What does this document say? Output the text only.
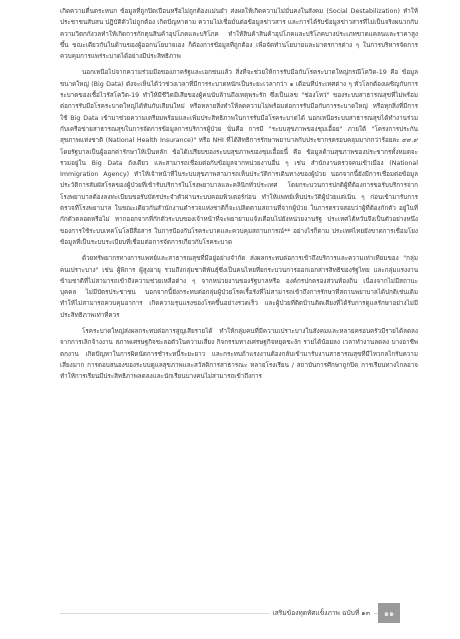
เกิดความตื่นตระหนก ข้อมูลที่ถูกปิดเปือนหรือไม่ถูกต้องแม่นยำ ส่งผลให้เกิดความไม่มั่นคงในสังคม (Social Destabilization) ทำให้ประชาชนสับสน ปฏิบัติตัวไม่ถูกต้อง เกิดปัญหาตาม ความไม่เชื่อมั่นต่อข้อมูลข่าวสาร และการได้รับข้อมูลข่าวสารที่ไม่เป็นจริงผนวกกับความวิตกกังวลทำให้เกิดการกักตุนสินค้าอุปโภคและบริโภค ทำให้สินค้าสินค้าอุปโภคและบริโภคบางประเภทขาดแคลนและราคาสูงขึ้น ขณะเดียวกันในด้านของผู้ออกนโยบายเอง ก็ต้องการข้อมูลที่ถูกต้อง เพื่อจัดทำนโยบายและมาตรการต่าง ๆ ในการบริหารจัดการควบคุมการแพร่ระบาดได้อย่างมีประสิทธิภาพ

นอกเหนือไปจากความร่วมมือของภาครัฐและเอกชนแล้ว สิ่งที่จะช่วยให้การรับมือกับโรคระบาดใหญ่กรณีโควิด-19 คือ ข้อมูลขนาดใหญ่ (Big Data) ดังจะเห็นได้ว่าช่วงเวลาที่มีการระบาดหนักเป็นระยะเวลากว่า ๑ เดือนที่ประเทศต่าง ๆ ทั่วโลกต้องเผชิญกับการระบาดของเชื้อไวรัสโควิด-19 ทำให้มีชีวิตมีเสียของผู้คนนับล้านถึงเหตุพระรัก ซึ่งเป็นเลข "ช่องโหว่" ของระบบสาธารณสุขที่ไม่พร้อมต่อการรับมือโรคระบาดใหญ่ได้ทันกับเสียนใหม่ หรือหลายสิ่งทำให้ลดความไม่พร้อมต่อการรับมือกับการระบาดใหญ่ หรือทุกสิ่งที่มีการใช้ Big Data เข้ามาช่วยความเตรียมพร้อมและเพิ่มประสิทธิภาพในการรับมือโรคระบาดได้ นอกเหนือระบบสาธารณสุขได้ทำงานร่วมกับเครือข่ายสาธารณสุขในการจัดการข้อมูลการบริการผู้ป่วย นั่นคือ การมี "ระบบสุขภาพของชุมเอื้อย" ภายใต้ "โครงการประกันสุขภาพแห่งชาติ (National Health Insurance)" หรือ NHI ที่ได้สิทธิการรักษาพยาบาลกับประชากรครอบคลุมมากกว่าร้อยละ ๙๙.๙ โดยรัฐบาลเป็นผู้ออกค่ารักษาให้เป็นหลัก ข้อได้เปรียบของระบบสุขภาพของชุมเอื้อยนี้ คือ ข้อมูลด้านสุขภาพของประชากรทั้งหมดจะรวมอยู่ใน Big Data ถังเดียว และสามารถเชื่อมต่อกับข้อมูลจากหน่วยงานอื่น ๆ เช่น สำนักงานตรวจคนเข้าเมือง (National Immigration Agency) ทำให้เจ้าหน้าที่ในระบบสุขภาพสามารถเห็นประวัติการเดินทางของผู้ป่วย นอกจากนี้ยังมีการเชื่อมต่อข้อมูลประวัติการสัมผัสโรคของผู้ป่วยที่เข้ารับบริการในโรงพยาบาลและคลินิกทั่วประเทศ โดยกระบวนการปกติผู้ที่ต้องการขอรับบริการจากโรงพยาบาลต้องลงทะเบียนขอรับบัตรประจำตัวผ่านระบบคอมพิวเตอร์ก่อน ทำให้แพทย์เห็นประวัติผู้ป่วยแต่เนิ่น ๆ ก่อนเข้ามารับการตรวจที่โรงพยาบาล ในขณะเดียวกันสำนักงานตำรวจแห่งชาติก็จะเปลิดตามสถานที่จากผู้ป่วย ในการตรวจสอบว่าผู้ที่ต้องกักตัว อยู่ในที่กักตัวตลอดหรือไม่ หากออกจากที่กักตัวระบบของเจ้าหน้าที่จะพยายามแจ้งเตือนไปยังหน่วยงานรัฐ ประเทศไต้หวันจึงเป็นตัวอย่างหนึ่งของการใช้ระบบเทคโนโลยีสื่อสาร ในการป้องกันโรคระบาดและควบคุมสถานการณ์** อย่างไรก็ตาม ประเทศไทยยังขาดการเชื่อมโยงข้อมูลที่เป็นระบบระเบียบที่เชื่อมต่อการจัดการเกี่ยวกับโรคระบาด

ด้วยทรัพยากรทางการแพทย์และสาธารณสุขที่มีอยู่อย่างจำกัด ส่งผลกระทบต่อการเข้าถึงบริการและความเท่าเทียมของ "กลุ่มคนเปราะบาง" เช่น ผู้พิการ ผู้สูงอายุ รวมถึงกลุ่มชาติพันธุ์ซึ่งเป็นคนไทยที่ยกระบวนการออกเอกสารสิทธิของรัฐไทย และกลุ่มแรงงานข้ามชาติที่ไม่สามารถเข้าถึงความช่วยเหลือต่าง ๆ จากหน่วยงานของรัฐบาลหรือ องค์กรปกครองส่วนท้องถิ่น เนื่องจากไม่มีสถานะบุคคล ไม่มีบัตรประชาชน นอกจากนี้ยังกระทบต่อกลุ่มผู้ป่วยโรคเรื้อรังที่ไม่สามารถเข้าถึงการรักษาที่สถานพยาบาลได้ปกติเช่นเดิม ทำให้ไม่สามารถควบคุมอาการ เกิดความรุนแรงของโรคขึ้นอย่างรวดเร็ว และผู้ป่วยที่ติดบ้านติดเตียงที่ได้รับการดูแลรักษาอย่างไม่มีประสิทธิภาพเท่าที่ควร

โรคระบาดใหญ่ส่งผลกระทบต่อการสูญเสียรายได้ ทำให้กลุ่มคนที่มีความเปราะบางในสังคมและหลายครอบครัวมีรายได้ลดลงจากการเลิกจ้างงาน สภาพเศรษฐกิจชะลอตัวในความเสี่ยง กิจกรรมทางเศรษฐกิจหยุดชะงัก รายได้น้อยลง เวลาทำงานลดลง บางอาชีพตกงาน เกิดปัญหาในการผิดนัดการชำระหนี้ระยะยาว และกระทบถ้าแรงงานต้องกลับเข้ามารับงานสาธารณสุขที่มีไหวกลไกรับความเสี่ยงมาก การตอบสนองของระบบดูแลสุขภาพและสวัสดิการสาธารณะ หลายโรงเรียน / สถาบันการศึกษาถูกปิด การเรียนทางไกลอาจทำให้การเรียนมีประสิทธิภาพลดลงและนักเรียนบางคนไม่สามารถเข้าถึงการ

เสริมข้องทุดทัศแข็งภาพ ฉบับที่ ๑๓	๑๑
